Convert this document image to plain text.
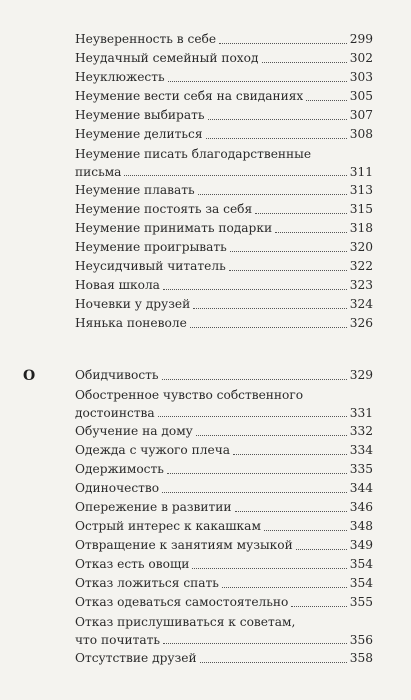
Неуверенность в себе	299
Неудачный семейный поход	302
Неуклюжесть	303
Неумение вести себя на свиданиях	305
Неумение выбирать	307
Неумение делиться	308
Неумение писать благодарственные
письма	311
Неумение плавать	313
Неумение постоять за себя	315
Неумение принимать подарки	318
Неумение проигрывать	320
Неусидчивый читатель	322
Новая школа	323
Ночевки у друзей	324
Нянька поневоле	326
О	Обидчивость	329
Обостренное чувство собственного
достоинства	331
Обучение на дому	332
Одежда с чужого плеча	334
Одержимость	335
Одиночество	344
Опережение в развитии	346
Острый интерес к какашкам	348
Отвращение к занятиям музыкой	349
Отказ есть овощи	354
Отказ ложиться спать	354
Отказ одеваться самостоятельно	355
Отказ прислушиваться к советам,
что почитать	356
Отсутствие друзей	358
